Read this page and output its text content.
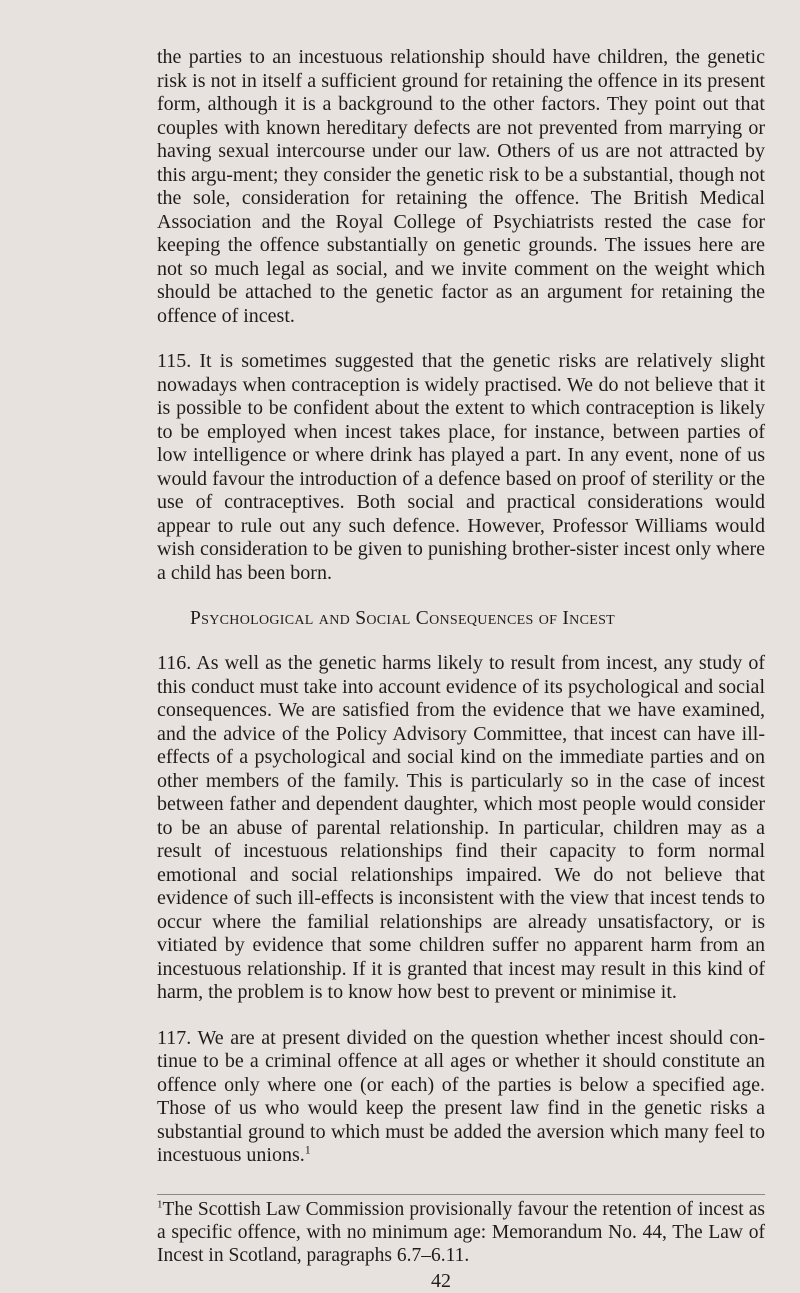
the parties to an incestuous relationship should have children, the genetic risk is not in itself a sufficient ground for retaining the offence in its present form, although it is a background to the other factors. They point out that couples with known hereditary defects are not prevented from marrying or having sexual intercourse under our law. Others of us are not attracted by this argu-ment; they consider the genetic risk to be a substantial, though not the sole, consideration for retaining the offence. The British Medical Association and the Royal College of Psychiatrists rested the case for keeping the offence substantially on genetic grounds. The issues here are not so much legal as social, and we invite comment on the weight which should be attached to the genetic factor as an argument for retaining the offence of incest.

115. It is sometimes suggested that the genetic risks are relatively slight nowadays when contraception is widely practised. We do not believe that it is possible to be confident about the extent to which contraception is likely to be employed when incest takes place, for instance, between parties of low intelligence or where drink has played a part. In any event, none of us would favour the introduction of a defence based on proof of sterility or the use of contraceptives. Both social and practical considerations would appear to rule out any such defence. However, Professor Williams would wish consideration to be given to punishing brother-sister incest only where a child has been born.

Psychological and Social Consequences of Incest

116. As well as the genetic harms likely to result from incest, any study of this conduct must take into account evidence of its psychological and social consequences. We are satisfied from the evidence that we have examined, and the advice of the Policy Advisory Committee, that incest can have ill-effects of a psychological and social kind on the immediate parties and on other members of the family. This is particularly so in the case of incest between father and dependent daughter, which most people would consider to be an abuse of parental relationship. In particular, children may as a result of incestuous relationships find their capacity to form normal emotional and social relationships impaired. We do not believe that evidence of such ill-effects is inconsistent with the view that incest tends to occur where the familial relationships are already unsatisfactory, or is vitiated by evidence that some children suffer no apparent harm from an incestuous relationship. If it is granted that incest may result in this kind of harm, the problem is to know how best to prevent or minimise it.

117. We are at present divided on the question whether incest should con-tinue to be a criminal offence at all ages or whether it should constitute an offence only where one (or each) of the parties is below a specified age. Those of us who would keep the present law find in the genetic risks a substantial ground to which must be added the aversion which many feel to incestuous unions.$^1$

$^1$The Scottish Law Commission provisionally favour the retention of incest as a specific offence, with no minimum age: Memorandum No. 44, The Law of Incest in Scotland, paragraphs 6.7–6.11.

42
